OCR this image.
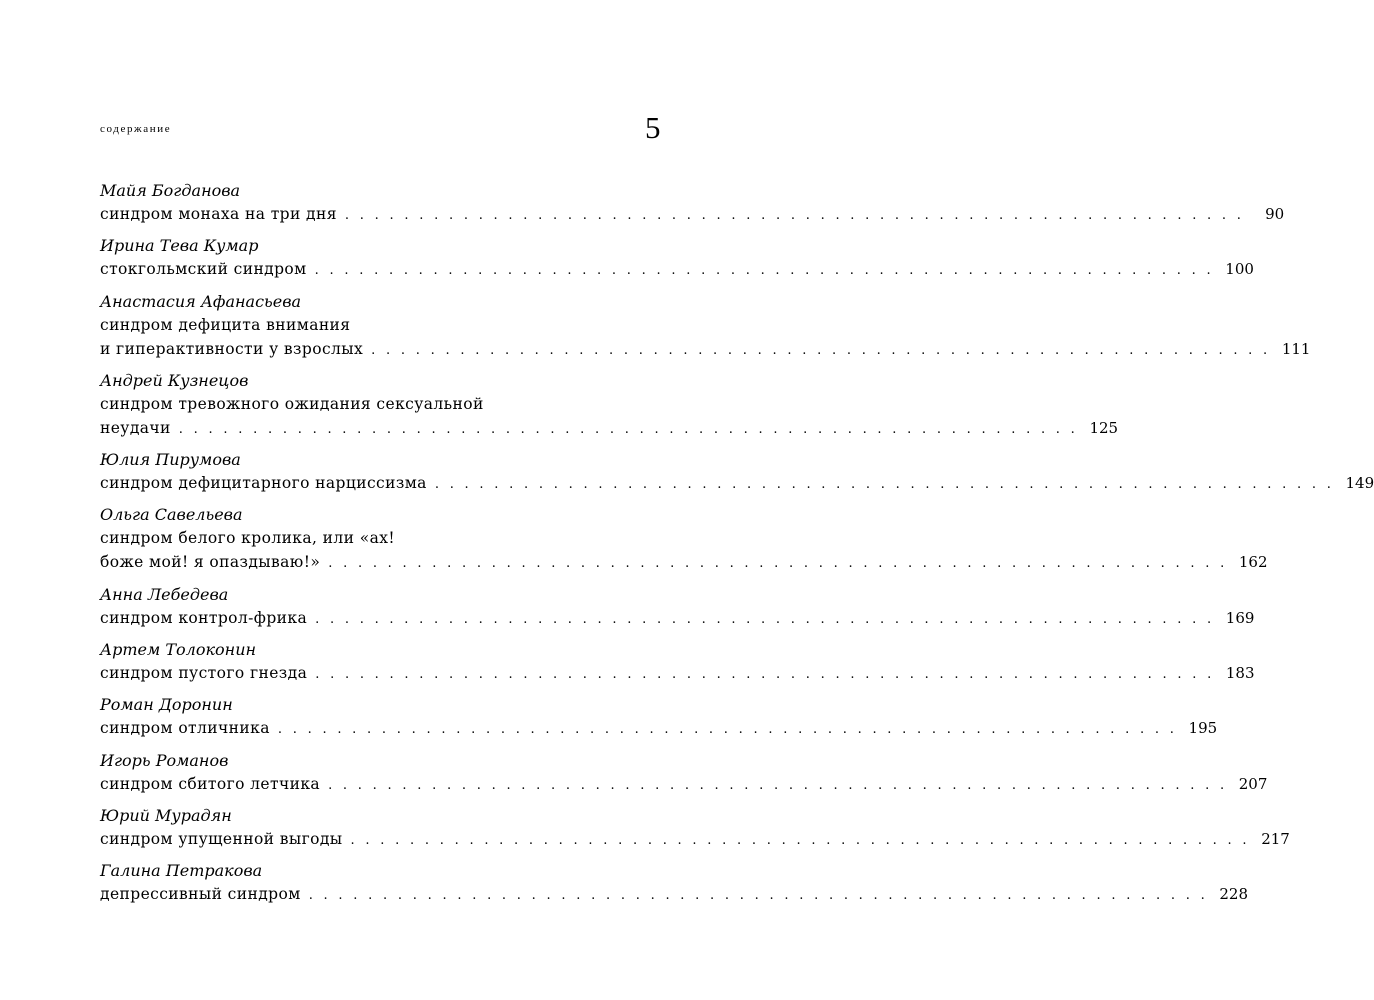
содержание	5
Майя Богданова
синдром монаха на три дня . . . . . . . . . . . . . . . . . . . . . . . . . . . . . . . . . . . . . . . . . . . . . . . . . . . . . . . . . . . . .	90
Ирина Тева Кумар
стокгольмский синдром . . . . . . . . . . . . . . . . . . . . . . . . . . . . . . . . . . . . . . . . . . . . . . . . . . . . . . . . . . . . . 100
Анастасия Афанасьева
синдром дефицита внимания
и гиперактивности у взрослых . . . . . . . . . . . . . . . . . . . . . . . . . . . . . . . . . . . . . . . . . . . . . . . . . . . . . . . . . . . . . 111
Андрей Кузнецов
синдром тревожного ожидания сексуальной
неудачи . . . . . . . . . . . . . . . . . . . . . . . . . . . . . . . . . . . . . . . . . . . . . . . . . . . . . . . . . . . . . 125
Юлия Пирумова
синдром дефицитарного нарциссизма . . . . . . . . . . . . . . . . . . . . . . . . . . . . . . . . . . . . . . . . . . . . . . . . . . . . . . . . . . . . . 149
Ольга Савельева
синдром белого кролика, или «ах!
боже мой! я опаздываю!» . . . . . . . . . . . . . . . . . . . . . . . . . . . . . . . . . . . . . . . . . . . . . . . . . . . . . . . . . . . . . 162
Анна Лебедева
синдром контрол-фрика . . . . . . . . . . . . . . . . . . . . . . . . . . . . . . . . . . . . . . . . . . . . . . . . . . . . . . . . . . . . . 169
Артем Толоконин
синдром пустого гнезда . . . . . . . . . . . . . . . . . . . . . . . . . . . . . . . . . . . . . . . . . . . . . . . . . . . . . . . . . . . . . 183
Роман Доронин
синдром отличника . . . . . . . . . . . . . . . . . . . . . . . . . . . . . . . . . . . . . . . . . . . . . . . . . . . . . . . . . . . . . 195
Игорь Романов
синдром сбитого летчика . . . . . . . . . . . . . . . . . . . . . . . . . . . . . . . . . . . . . . . . . . . . . . . . . . . . . . . . . . . . . 207
Юрий Мурадян
синдром упущенной выгоды . . . . . . . . . . . . . . . . . . . . . . . . . . . . . . . . . . . . . . . . . . . . . . . . . . . . . . . . . . . . . 217
Галина Петракова
депрессивный синдром . . . . . . . . . . . . . . . . . . . . . . . . . . . . . . . . . . . . . . . . . . . . . . . . . . . . . . . . . . . . . 228
